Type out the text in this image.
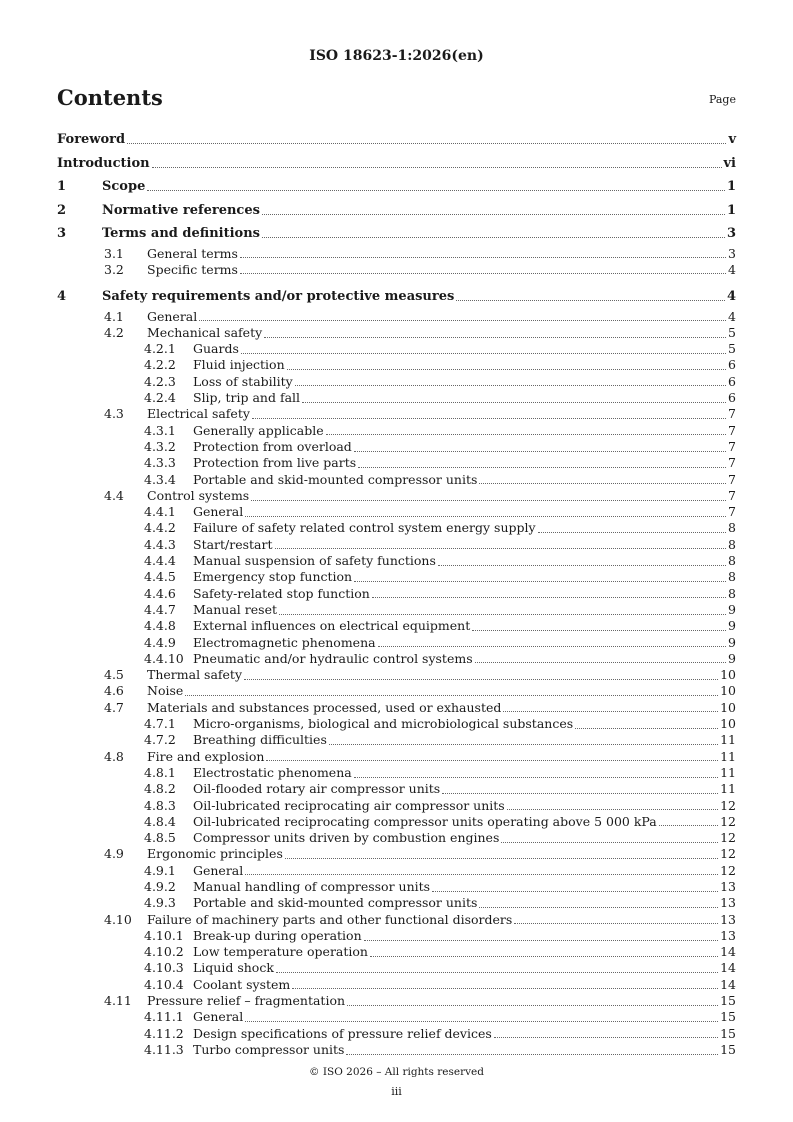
ISO 18623-1:2026(en)
Contents	Page
Foreword	v
Introduction	vi
1	Scope	1
2	Normative references	1
3	Terms and definitions	3
3.1 General terms	3
3.2 Specific terms	4
4	Safety requirements and/or protective measures	4
4.1 General	4
4.2 Mechanical safety	5
4.2.1 Guards	5
4.2.2 Fluid injection	6
4.2.3 Loss of stability	6
4.2.4 Slip, trip and fall	6
4.3 Electrical safety	7
4.3.1 Generally applicable	7
4.3.2 Protection from overload	7
4.3.3 Protection from live parts	7
4.3.4 Portable and skid-mounted compressor units	7
4.4 Control systems	7
4.4.1 General	7
4.4.2 Failure of safety related control system energy supply	8
4.4.3 Start/restart	8
4.4.4 Manual suspension of safety functions	8
4.4.5 Emergency stop function	8
4.4.6 Safety-related stop function	8
4.4.7 Manual reset	9
4.4.8 External influences on electrical equipment	9
4.4.9 Electromagnetic phenomena	9
4.4.10 Pneumatic and/or hydraulic control systems	9
4.5 Thermal safety	10
4.6 Noise	10
4.7 Materials and substances processed, used or exhausted	10
4.7.1 Micro-organisms, biological and microbiological substances	10
4.7.2 Breathing difficulties	11
4.8 Fire and explosion	11
4.8.1 Electrostatic phenomena	11
4.8.2 Oil-flooded rotary air compressor units	11
4.8.3 Oil-lubricated reciprocating air compressor units	12
4.8.4 Oil-lubricated reciprocating compressor units operating above 5 000 kPa	12
4.8.5 Compressor units driven by combustion engines	12
4.9 Ergonomic principles	12
4.9.1 General	12
4.9.2 Manual handling of compressor units	13
4.9.3 Portable and skid-mounted compressor units	13
4.10 Failure of machinery parts and other functional disorders	13
4.10.1 Break-up during operation	13
4.10.2 Low temperature operation	14
4.10.3 Liquid shock	14
4.10.4 Coolant system	14
4.11 Pressure relief – fragmentation	15
4.11.1 General	15
4.11.2 Design specifications of pressure relief devices	15
4.11.3 Turbo compressor units	15
© ISO 2026 – All rights reserved
iii
